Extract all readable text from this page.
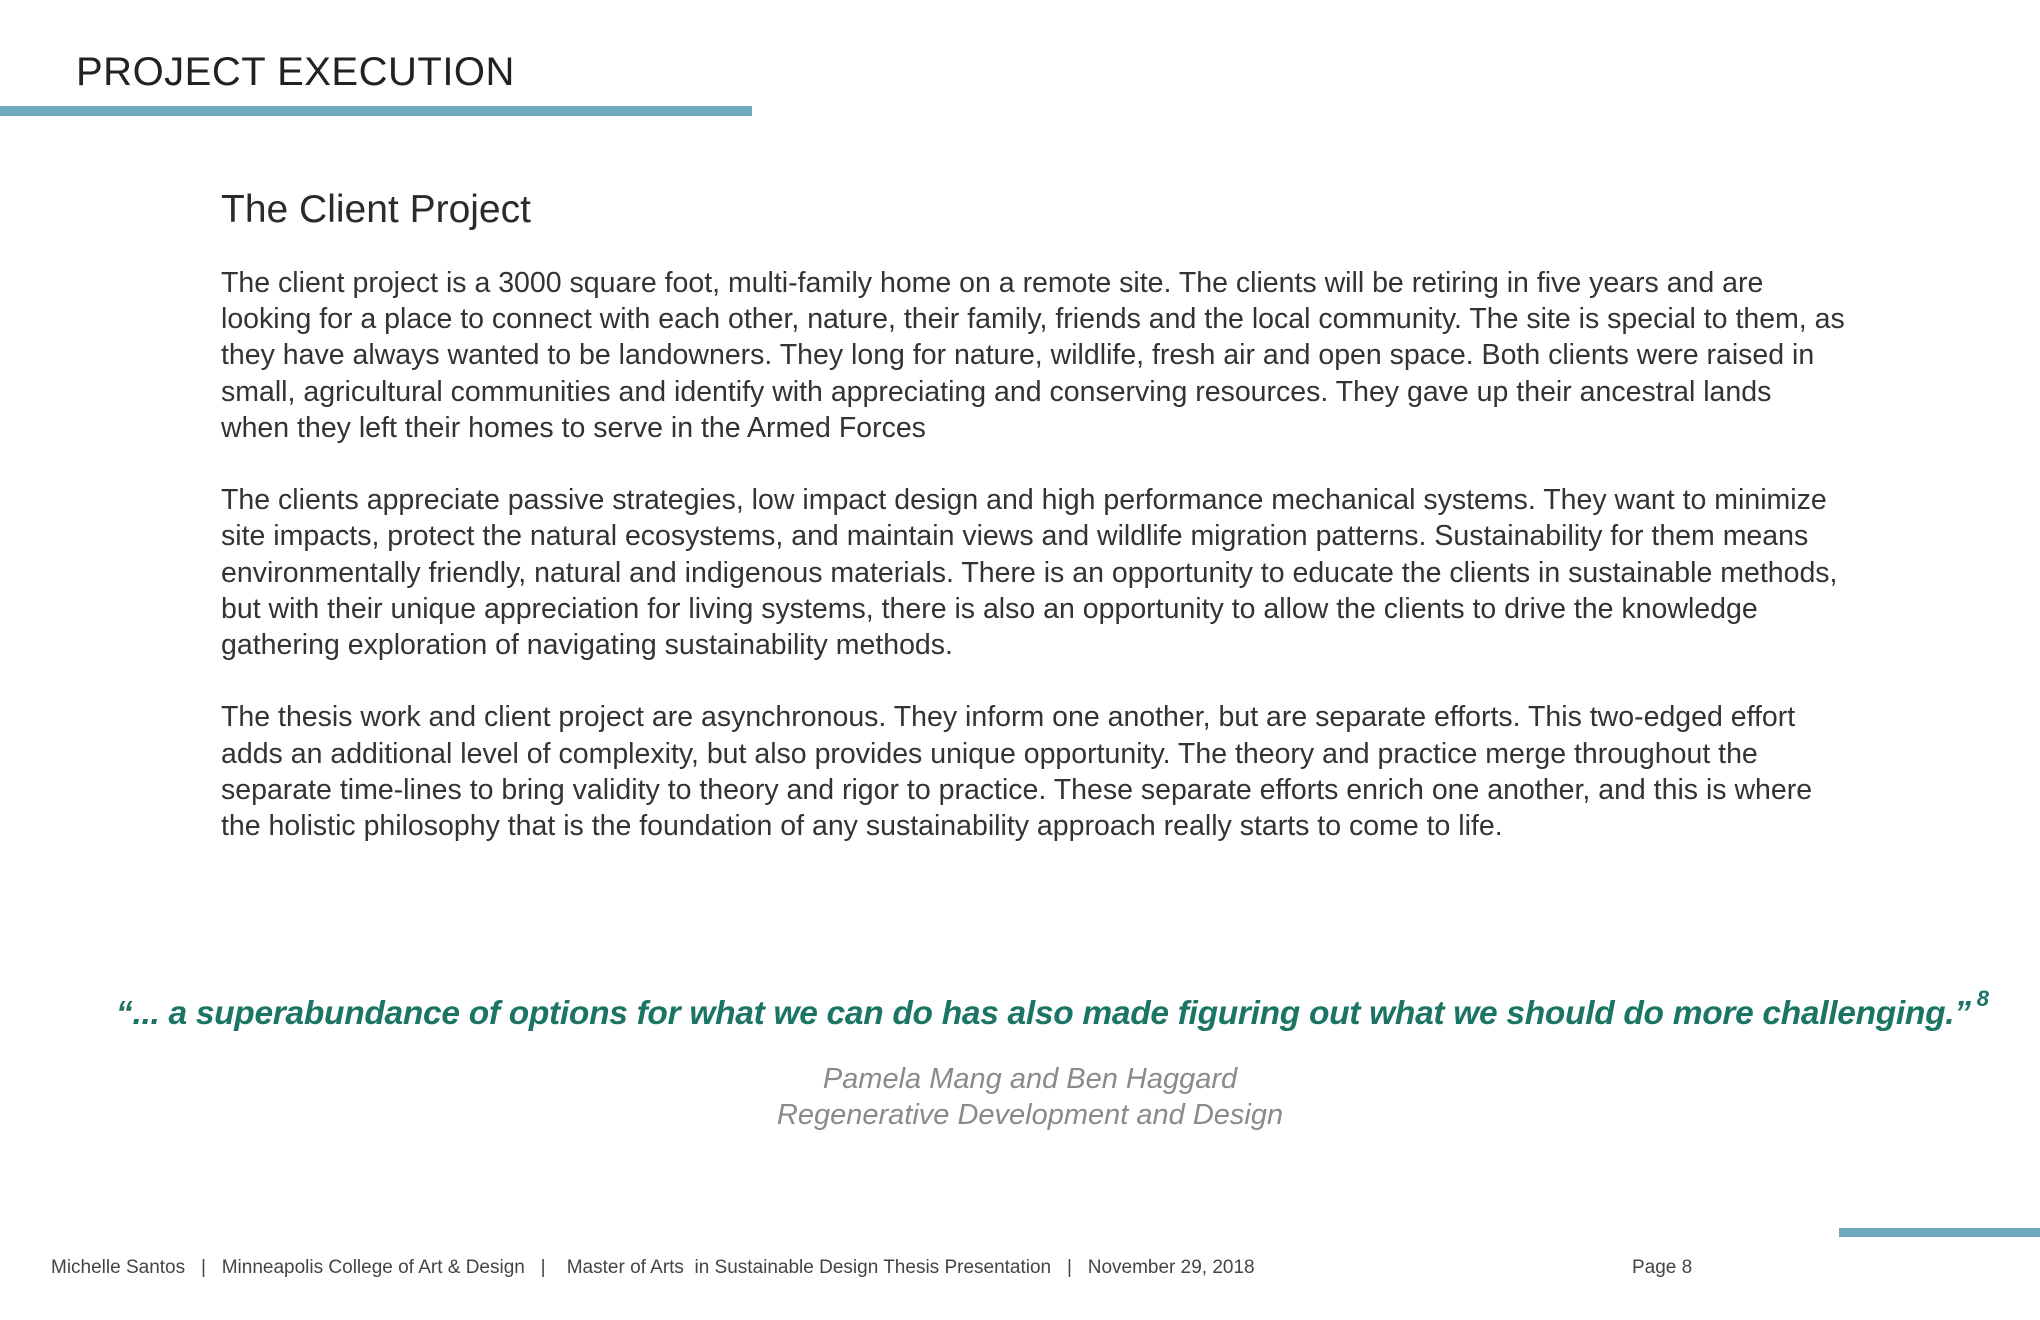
PROJECT EXECUTION
The Client Project

The client project is a 3000 square foot, multi-family home on a remote site. The clients will be retiring in five years and are looking for a place to connect with each other, nature, their family, friends and the local community. The site is special to them, as they have always wanted to be landowners. They long for nature, wildlife, fresh air and open space. Both clients were raised in small, agricultural communities and identify with appreciating and conserving resources. They gave up their ancestral lands when they left their homes to serve in the Armed Forces

The clients appreciate passive strategies, low impact design and high performance mechanical systems. They want to minimize site impacts, protect the natural ecosystems, and maintain views and wildlife migration patterns. Sustainability for them means environmentally friendly, natural and indigenous materials. There is an opportunity to educate the clients in sustainable methods, but with their unique appreciation for living systems, there is also an opportunity to allow the clients to drive the knowledge gathering exploration of navigating sustainability methods.

The thesis work and client project are asynchronous. They inform one another, but are separate efforts. This two-edged effort adds an additional level of complexity, but also provides unique opportunity. The theory and practice merge throughout the separate time-lines to bring validity to theory and rigor to practice. These separate efforts enrich one another, and this is where the holistic philosophy that is the foundation of any sustainability approach really starts to come to life.

“... a superabundance of options for what we can do has also made figuring out what we should do more challenging.” $^8$
Pamela Mang and Ben Haggard
Regenerative Development and Design
Michelle Santos   |   Minneapolis College of Art & Design   |    Master of Arts  in Sustainable Design Thesis Presentation   |   November 29, 2018	Page 8
